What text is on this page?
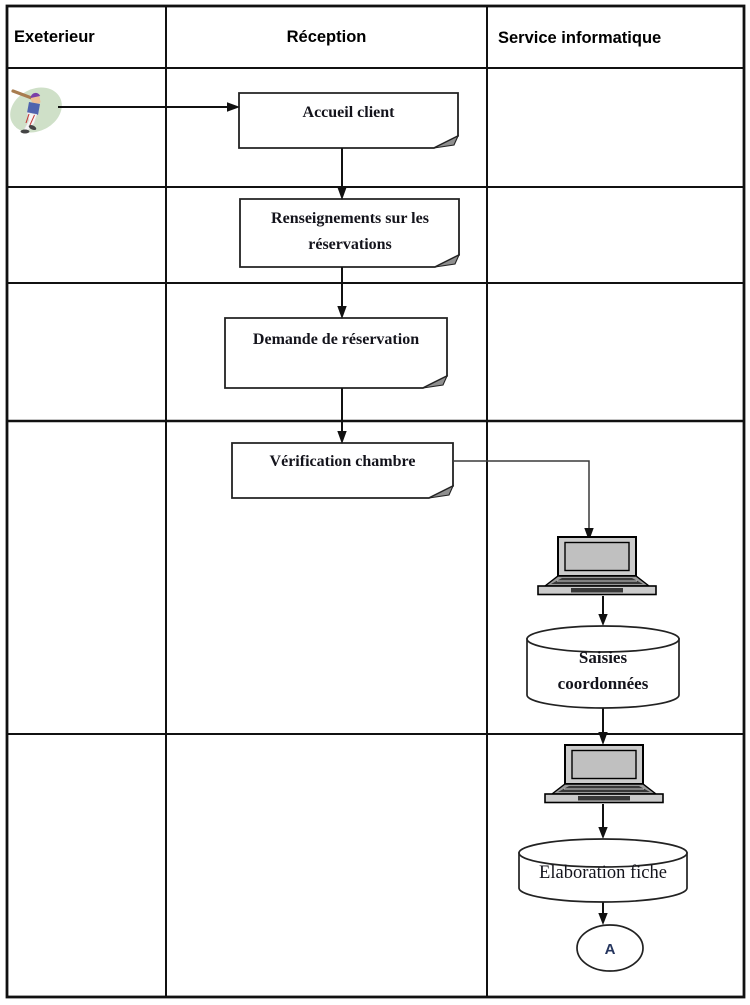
Exeterieur	Réception	Service informatique
Accueil client
Renseignements sur les réservations
Demande de réservation
Vérification chambre
Saisies coordonnées
Elaboration fiche
A
